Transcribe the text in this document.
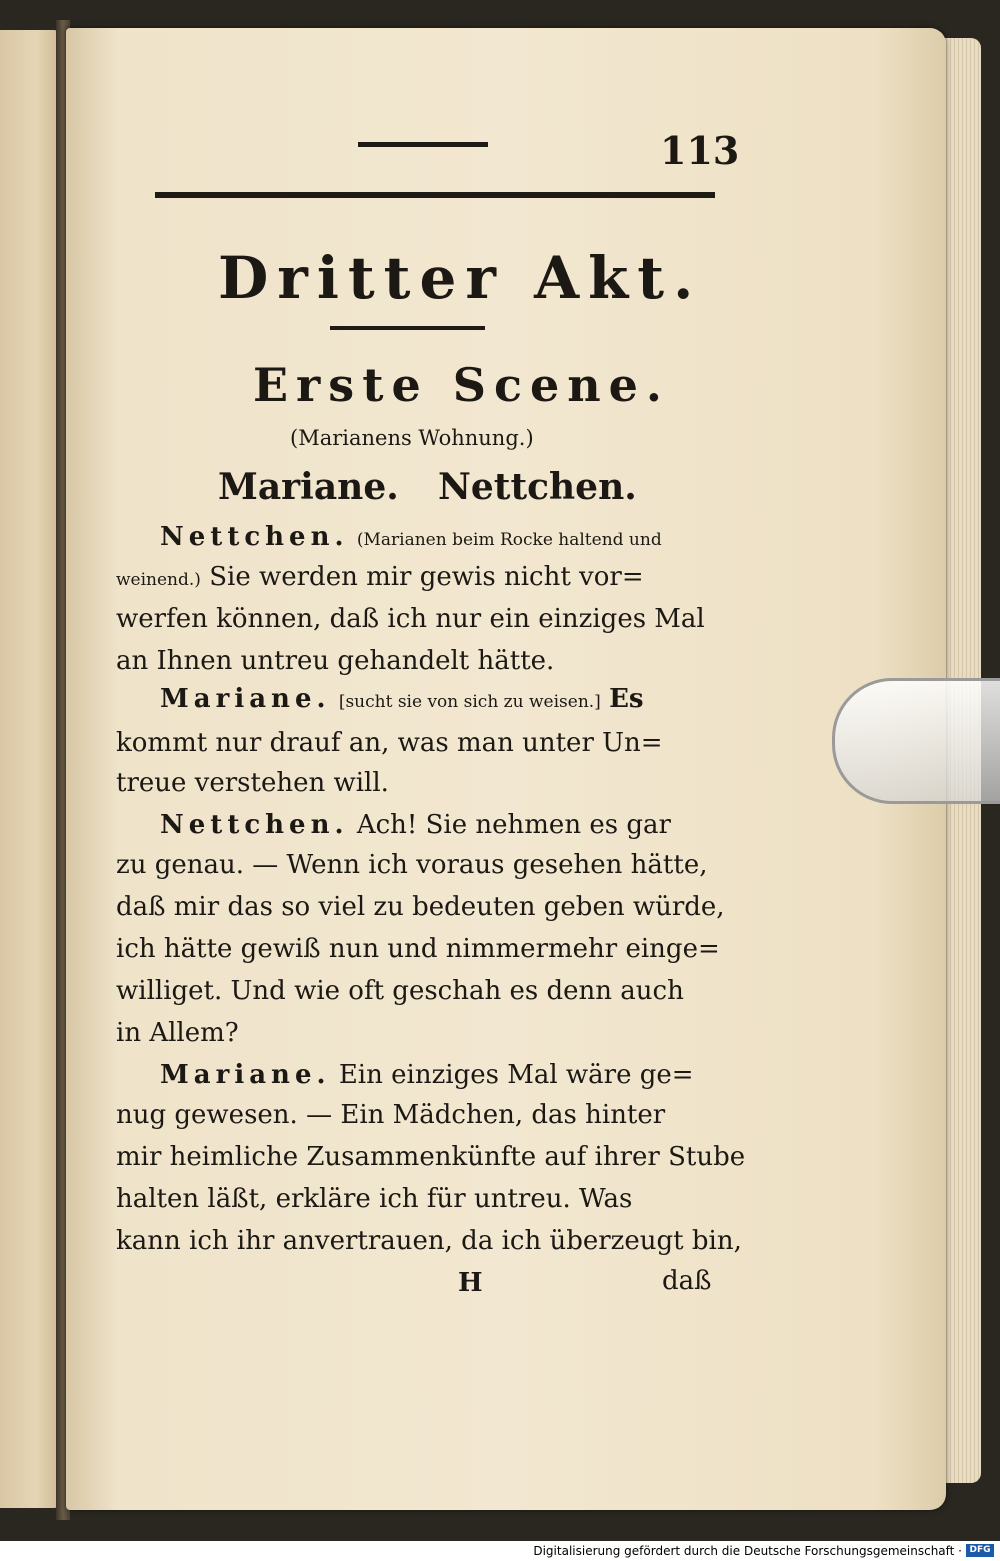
113
Dritter Akt.
Erste Scene.
(Marianens Wohnung.)
Mariane. Nettchen.
Nettchen. (Marianen beim Rocke haltend und
weinend.) Sie werden mir gewis nicht vor=
werfen können, daß ich nur ein einziges Mal
an Ihnen untreu gehandelt hätte.
Mariane. [sucht sie von sich zu weisen.] Es
kommt nur drauf an, was man unter Un=
treue verstehen will.
Nettchen. Ach! Sie nehmen es gar
zu genau. — Wenn ich voraus gesehen hätte,
daß mir das so viel zu bedeuten geben würde,
ich hätte gewiß nun und nimmermehr einge=
williget. Und wie oft geschah es denn auch
in Allem?
Mariane. Ein einziges Mal wäre ge=
nug gewesen. — Ein Mädchen, das hinter
mir heimliche Zusammenkünfte auf ihrer Stube
halten läßt, erkläre ich für untreu. Was
kann ich ihr anvertrauen, da ich überzeugt bin,
H	daß
Digitalisierung gefördert durch die Deutsche Forschungsgemeinschaft · DFG
